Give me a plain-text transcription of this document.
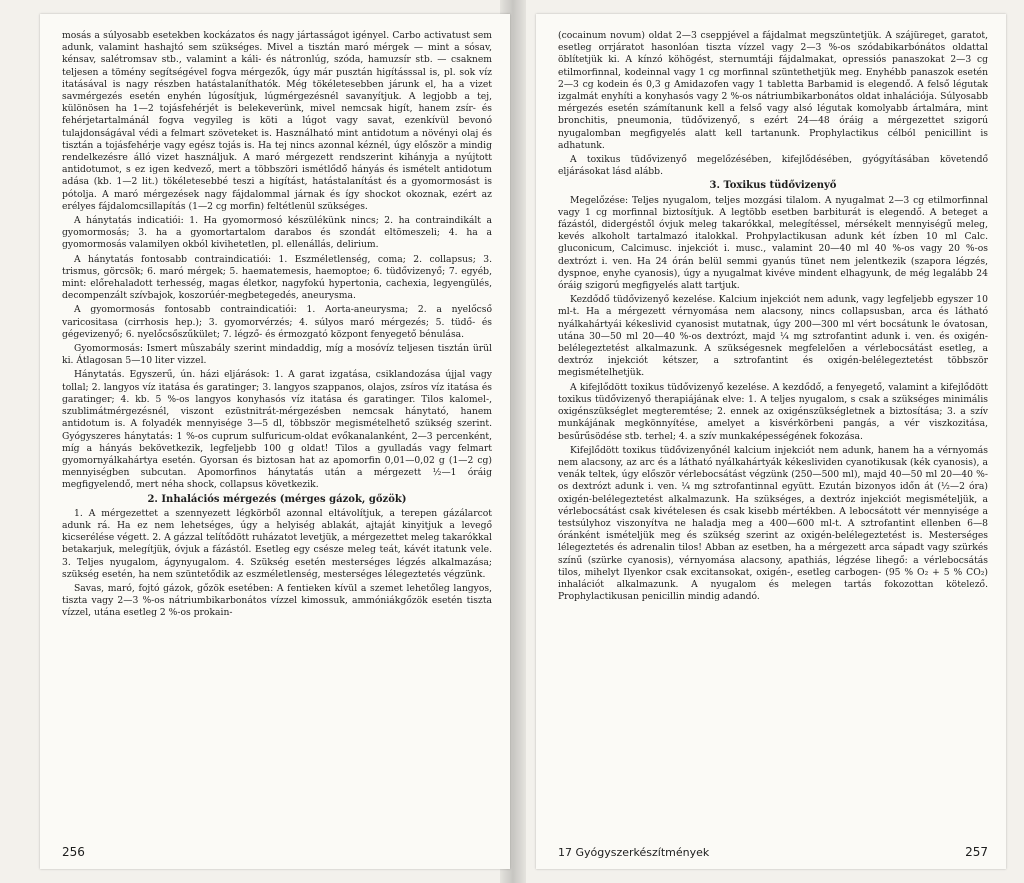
mosás a súlyosabb esetekben kockázatos és nagy jártasságot igényel. Carbo activatust sem adunk, valamint hashajtó sem szükséges. Mivel a tisztán maró mérgek — mint a sósav, kénsav, salétromsav stb., valamint a káli- és nátronlúg, szóda, hamuzsír stb. — csaknem teljesen a tömény segítségével fogva mérgezők, úgy már pusztán higításssal is, pl. sok víz itatásával is nagy részben hatástalaníthatók. Még tökéletesebben járunk el, ha a vizet savmérgezés esetén enyhén lúgosítjuk, lúgmérgezésnél savanyítjuk. A legjobb a tej, különösen ha 1—2 tojásfehérjét is belekeverünk, mivel nemcsak higít, hanem zsír- és fehérjetartalmánál fogva vegyileg is köti a lúgot vagy savat, ezenkívül bevonó tulajdonságával védi a felmart szöveteket is. Használható mint antidotum a növényi olaj és tisztán a tojásfehérje vagy egész tojás is. Ha tej nincs azonnal kéznél, úgy először a mindig rendelkezésre álló vizet használjuk. A maró mérgezett rendszerint kihányja a nyújtott antidotumot, s ez igen kedvező, mert a többszöri ismétlődő hányás és ismételt antidotum adása (kb. 1—2 lit.) tökéletesebbé teszi a higítást, hatástalanítást és a gyomormosást is pótolja. A maró mérgezések nagy fájdalommal járnak és így shockot okoznak, ezért az erélyes fájdalomcsillapítás (1—2 cg morfin) feltétlenül szükséges.

A hánytatás indicatiói: 1. Ha gyomormosó készülékünk nincs; 2. ha contraindikált a gyomormosás; 3. ha a gyomortartalom darabos és szondát eltömeszeli; 4. ha a gyomormosás valamilyen okból kivihetetlen, pl. ellenállás, delirium.

A hánytatás fontosabb contraindicatiói: 1. Eszméletlenség, coma; 2. collapsus; 3. trismus, görcsök; 6. maró mérgek; 5. haematemesis, haemoptoe; 6. tüdővizenyő; 7. egyéb, mint: előrehaladott terhesség, magas életkor, nagyfokú hypertonia, cachexia, legyengülés, decompenzált szívbajok, koszorúér-megbetegedés, aneurysma.

A gyomormosás fontosabb contraindicatiói: 1. Aorta-aneurysma; 2. a nyelőcső varicositasa (cirrhosis hep.); 3. gyomorvérzés; 4. súlyos maró mérgezés; 5. tüdő- és gégevizenyő; 6. nyelőcsőszűkület; 7. légző- és érmozgató központ fenyegető bénulása.

Gyomormosás: Ismert mûszabály szerint mindaddig, míg a mosóvíz teljesen tisztán ürül ki. Átlagosan 5—10 liter vizzel.

Hánytatás. Egyszerű, ún. házi eljárások: 1. A garat izgatása, csiklandozása újjal vagy tollal; 2. langyos víz itatása és garatinger; 3. langyos szappanos, olajos, zsíros víz itatása és garatinger; 4. kb. 5 %-os langyos konyhasós víz itatása és garatinger. Tilos kalomel-, szublimátmérgezésnél, viszont ezüstnitrát-mérgezésben nemcsak hánytató, hanem antidotum is. A folyadék mennyisége 3—5 dl, többször megismételhető szükség szerint. Gyógyszeres hánytatás: 1 %-os cuprum sulfuricum-oldat evőkanalanként, 2—3 percenként, míg a hányás bekövetkezik, legfeljebb 100 g oldat! Tilos a gyulladás vagy felmart gyomornyálkahártya esetén. Gyorsan és biztosan hat az apomorfin 0,01—0,02 g (1—2 cg) mennyiségben subcutan. Apomorfinos hánytatás után a mérgezett ½—1 óráig megfigyelendő, mert néha shock, collapsus következik.

2. Inhalációs mérgezés (mérges gázok, gőzök)

1. A mérgezettet a szennyezett légkörből azonnal eltávolítjuk, a terepen gázálarcot adunk rá. Ha ez nem lehetséges, úgy a helyiség ablakát, ajtaját kinyitjuk a levegő kicserélése végett. 2. A gázzal telítődött ruházatot levetjük, a mérgezettet meleg takarókkal betakarjuk, melegítjük, óvjuk a fázástól. Esetleg egy csésze meleg teát, kávét itatunk vele. 3. Teljes nyugalom, ágynyugalom. 4. Szükség esetén mesterséges légzés alkalmazása; szükség esetén, ha nem szüntetődik az eszméletlenség, mesterséges lélegeztetés végzünk.

Savas, maró, fojtó gázok, gőzök esetében: A fentieken kívül a szemet lehetőleg langyos, tiszta vagy 2—3 %-os nátriumbikarbonátos vízzel kimossuk, ammóniákgőzök esetén tiszta vízzel, utána esetleg 2 %-os prokain-

256

(cocainum novum) oldat 2—3 cseppjével a fájdalmat megszüntetjük. A szájüreget, garatot, esetleg orrjáratot hasonlóan tiszta vízzel vagy 2—3 %-os szódabikarbónátos oldattal öblítetjük ki. A kínzó köhögést, sternumtáji fájdalmakat, opressiós panaszokat 2—3 cg etilmorfinnal, kodeinnal vagy 1 cg morfinnal szüntethetjük meg. Enyhébb panaszok esetén 2—3 cg kodein és 0,3 g Amidazofen vagy 1 tabletta Barbamid is elegendő. A felső légutak izgalmát enyhíti a konyhasós vagy 2 %-os nátriumbikarbonátos oldat inhalációja. Súlyosabb mérgezés esetén számítanunk kell a felső vagy alsó légutak komolyabb ártalmára, mint bronchitis, pneumonia, tüdővizenyő, s ezért 24—48 óráig a mérgezettet szigorú nyugalomban megfigyelés alatt kell tartanunk. Prophylactikus célból penicillint is adhatunk.

A toxikus tüdővizenyő megelőzésében, kifejlődésében, gyógyításában követendő eljárásokat lásd alább.

3. Toxikus tüdővizenyő

Megelőzése: Teljes nyugalom, teljes mozgási tilalom. A nyugalmat 2—3 cg etilmorfinnal vagy 1 cg morfinnal biztosítjuk. A legtöbb esetben barbiturát is elegendő. A beteget a fázástól, didergéstől óvjuk meleg takarókkal, melegítéssel, mérsékelt mennyiségű meleg, kevés alkoholt tartalmazó italokkal. Prohpylactikusan adunk két ízben 10 ml Calc. gluconicum, Calcimusc. injekciót i. musc., valamint 20—40 ml 40 %-os vagy 20 %-os dextrózt i. ven. Ha 24 órán belül semmi gyanús tünet nem jelentkezik (szapora légzés, dyspnoe, enyhe cyanosis), úgy a nyugalmat kivéve mindent elhagyunk, de még legalább 24 óráig szigorú megfigyelés alatt tartjuk.

Kezdődő tüdővizenyő kezelése. Kalcium injekciót nem adunk, vagy legfeljebb egyszer 10 ml-t. Ha a mérgezett vérnyomása nem alacsony, nincs collapsusban, arca és látható nyálkahártyái kékeslivid cyanosist mutatnak, úgy 200—300 ml vért bocsátunk le óvatosan, utána 30—50 ml 20—40 %-os dextrózt, majd ¼ mg sztrofantint adunk i. ven. és oxigén-belélegeztetést alkalmazunk. A szükségesnek megfelelően a vérlebocsátást esetleg, a dextróz injekciót kétszer, a sztrofantint és oxigén-belélegeztetést többször megismételhetjük.

A kifejlődött toxikus tüdővizenyő kezelése. A kezdődő, a fenyegető, valamint a kifejlődött toxikus tüdővizenyő therapiájának elve: 1. A teljes nyugalom, s csak a szükséges minimális oxigénszükséglet megteremtése; 2. ennek az oxigénszükségletnek a biztosítása; 3. a szív munkájának megkönnyítése, amelyet a kisvérkörbeni pangás, a vér viszkozitása, besűrűsödése stb. terhel; 4. a szív munkaképességének fokozása.

Kifejlődött toxikus tüdővizenyőnél kalcium injekciót nem adunk, hanem ha a vérnyomás nem alacsony, az arc és a látható nyálkahártyák kékeslividen cyanotikusak (kék cyanosis), a venák teltek, úgy először vérlebocsátást végzünk (250—500 ml), majd 40—50 ml 20—40 %-os dextrózt adunk i. ven. ¼ mg sztrofantinnal együtt. Ezután bizonyos időn át (½—2 óra) oxigén-belélegeztetést alkalmazunk. Ha szükséges, a dextróz injekciót megismételjük, a vérlebocsátást csak kivételesen és csak kisebb mértékben. A lebocsátott vér mennyisége a testsúlyhoz viszonyítva ne haladja meg a 400—600 ml-t. A sztrofantint ellenben 6—8 óránként ismételjük meg és szükség szerint az oxigén-belélegeztetést is. Mesterséges lélegeztetés és adrenalin tilos! Abban az esetben, ha a mérgezett arca sápadt vagy szürkés színű (szürke cyanosis), vérnyomása alacsony, apathiás, légzése lihegő: a vérlebocsátás tilos, mihelyt Ilyenkor csak excitansokat, oxigén-, esetleg carbogen- (95 % O₂ + 5 % CO₂) inhalációt alkalmazunk. A nyugalom és melegen tartás fokozottan kötelező. Prophylactikusan penicillin mindig adandó.

17 Gyógyszerkészítmények	257
